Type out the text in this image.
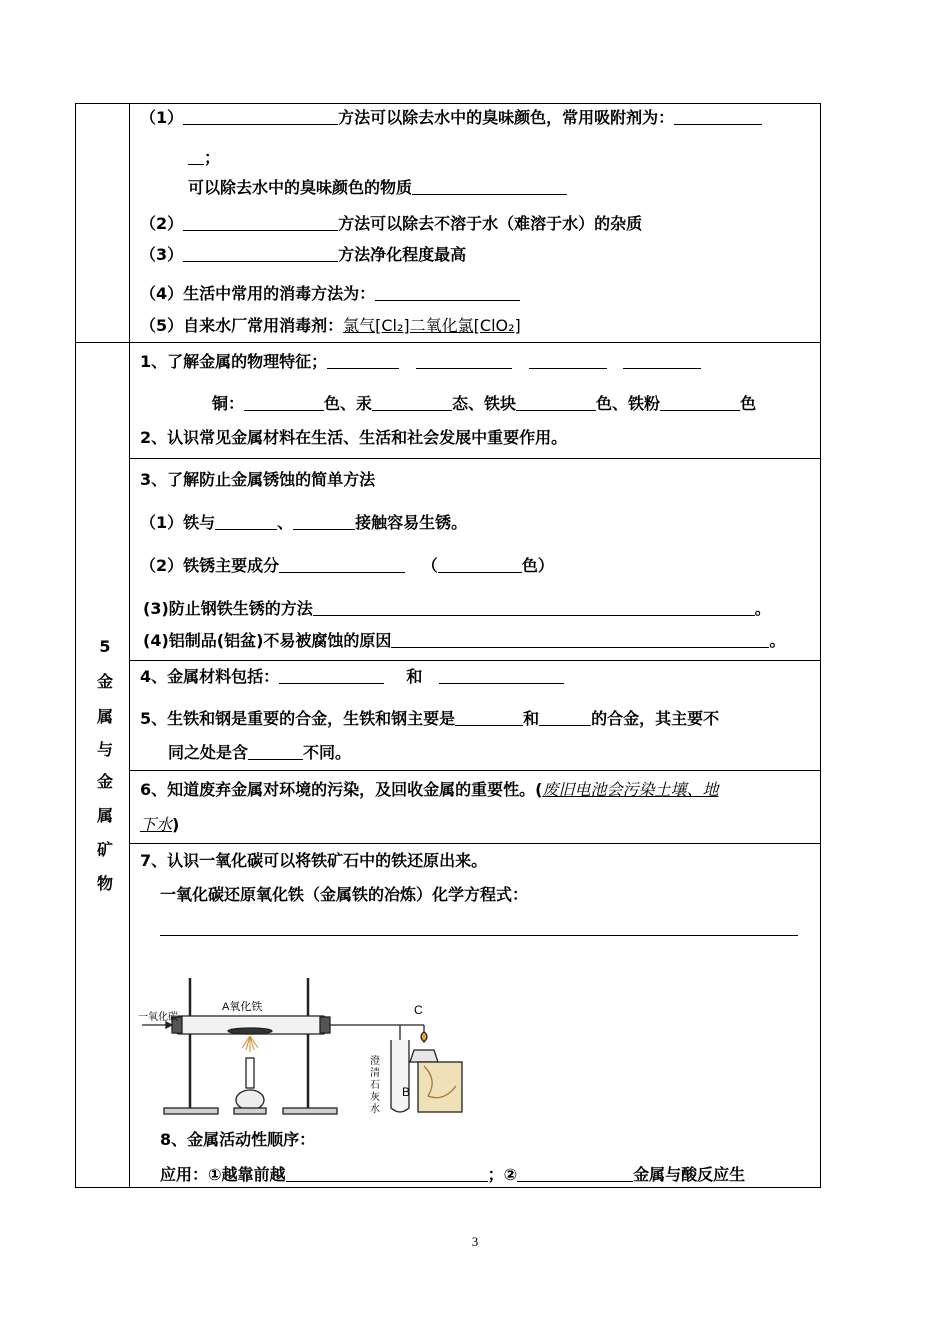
（1）	方法可以除去水中的臭味颜色，常用吸附剂为：
；
可以除去水中的臭味颜色的物质
（2）	方法可以除去不溶于水（难溶于水）的杂质
（3）	方法净化程度最高
（4）生活中常用的消毒方法为：
（5）自来水厂常用消毒剂：氯气[Cl₂]二氧化氯[ClO₂]
5
金
属
与
金
属
矿
物
1、了解金属的物理特征；
铜：	色、汞	态、铁块	色、铁粉	色
2、认识常见金属材料在生活、生活和社会发展中重要作用。
3、了解防止金属锈蚀的简单方法
（1）铁与	、	接触容易生锈。
（2）铁锈主要成分	（	色）
(3)防止钢铁生锈的方法	。
(4)铝制品(铝盆)不易被腐蚀的原因	。
4、金属材料包括：	和
5、生铁和钢是重要的合金，生铁和钢主要是	和	的合金，其主要不
同之处是含	不同。
6、知道废弃金属对环境的污染，及回收金属的重要性。(废旧电池会污染土壤、地
下水)
7、认识一氧化碳可以将铁矿石中的铁还原出来。
一氧化碳还原氧化铁（金属铁的冶炼）化学方程式：
一氧化碳
A氧化铁	C
B
澄
清
石
灰
水
8、金属活动性顺序：
应用：①越靠前越	；②	金属与酸反应生
3
